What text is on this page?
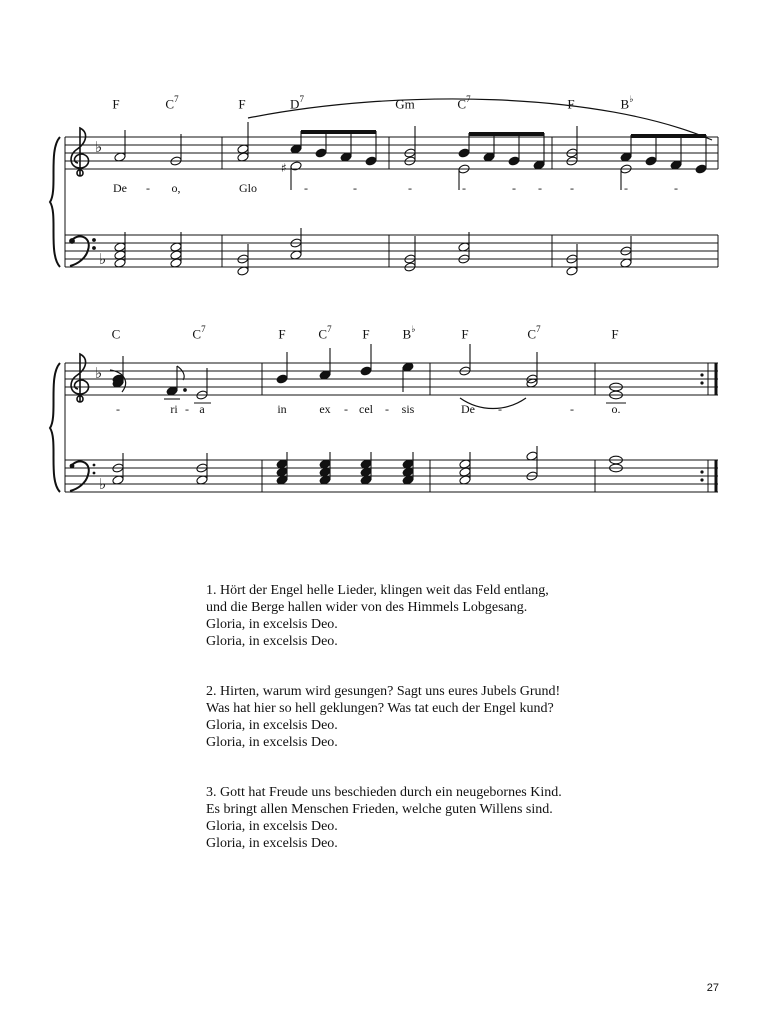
F	$C^7$	F	$D^7$	Gm	$C^7$	F	B♭
♭
♭
♯
De - o,	Glo	-	-	-	-	- - -	-	-
C	$C^7$	F	$C^7$ F	B♭	F	$C^7$	F
♭
♭
-	ri - a	in	ex - cel - sis	De -	-	o.
1. Hört der Engel helle Lieder, klingen weit das Feld entlang,
und die Berge hallen wider von des Himmels Lobgesang.
Gloria, in excelsis Deo.
Gloria, in excelsis Deo.
2. Hirten, warum wird gesungen? Sagt uns eures Jubels Grund!
Was hat hier so hell geklungen? Was tat euch der Engel kund?
Gloria, in excelsis Deo.
Gloria, in excelsis Deo.
3. Gott hat Freude uns beschieden durch ein neugebornes Kind.
Es bringt allen Menschen Frieden, welche guten Willens sind.
Gloria, in excelsis Deo.
Gloria, in excelsis Deo.
27
